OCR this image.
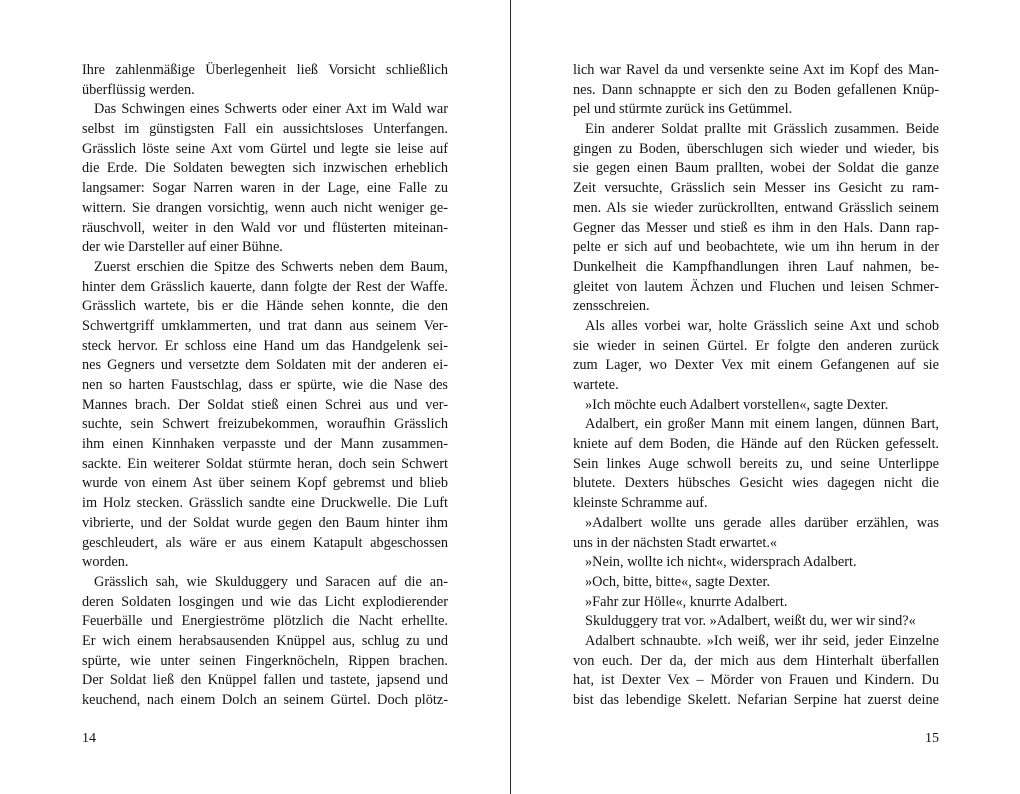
Ihre zahlenmäßige Überlegenheit ließ Vorsicht schließlich
überflüssig werden.
Das Schwingen eines Schwerts oder einer Axt im Wald war
selbst im günstigsten Fall ein aussichtsloses Unterfangen.
Grässlich löste seine Axt vom Gürtel und legte sie leise auf
die Erde. Die Soldaten bewegten sich inzwischen erheblich
langsamer: Sogar Narren waren in der Lage, eine Falle zu
wittern. Sie drangen vorsichtig, wenn auch nicht weniger ge-
räuschvoll, weiter in den Wald vor und flüsterten miteinan-
der wie Darsteller auf einer Bühne.
Zuerst erschien die Spitze des Schwerts neben dem Baum,
hinter dem Grässlich kauerte, dann folgte der Rest der Waffe.
Grässlich wartete, bis er die Hände sehen konnte, die den
Schwertgriff umklammerten, und trat dann aus seinem Ver-
steck hervor. Er schloss eine Hand um das Handgelenk sei-
nes Gegners und versetzte dem Soldaten mit der anderen ei-
nen so harten Faustschlag, dass er spürte, wie die Nase des
Mannes brach. Der Soldat stieß einen Schrei aus und ver-
suchte, sein Schwert freizubekommen, woraufhin Grässlich
ihm einen Kinnhaken verpasste und der Mann zusammen-
sackte. Ein weiterer Soldat stürmte heran, doch sein Schwert
wurde von einem Ast über seinem Kopf gebremst und blieb
im Holz stecken. Grässlich sandte eine Druckwelle. Die Luft
vibrierte, und der Soldat wurde gegen den Baum hinter ihm
geschleudert, als wäre er aus einem Katapult abgeschossen
worden.
Grässlich sah, wie Skulduggery und Saracen auf die an-
deren Soldaten losgingen und wie das Licht explodierender
Feuerbälle und Energieströme plötzlich die Nacht erhellte.
Er wich einem herabsausenden Knüppel aus, schlug zu und
spürte, wie unter seinen Fingerknöcheln, Rippen brachen.
Der Soldat ließ den Knüppel fallen und tastete, japsend und
keuchend, nach einem Dolch an seinem Gürtel. Doch plötz-
14
lich war Ravel da und versenkte seine Axt im Kopf des Man-
nes. Dann schnappte er sich den zu Boden gefallenen Knüp-
pel und stürmte zurück ins Getümmel.
Ein anderer Soldat prallte mit Grässlich zusammen. Beide
gingen zu Boden, überschlugen sich wieder und wieder, bis
sie gegen einen Baum prallten, wobei der Soldat die ganze
Zeit versuchte, Grässlich sein Messer ins Gesicht zu ram-
men. Als sie wieder zurückrollten, entwand Grässlich seinem
Gegner das Messer und stieß es ihm in den Hals. Dann rap-
pelte er sich auf und beobachtete, wie um ihn herum in der
Dunkelheit die Kampfhandlungen ihren Lauf nahmen, be-
gleitet von lautem Ächzen und Fluchen und leisen Schmer-
zensschreien.
Als alles vorbei war, holte Grässlich seine Axt und schob
sie wieder in seinen Gürtel. Er folgte den anderen zurück
zum Lager, wo Dexter Vex mit einem Gefangenen auf sie
wartete.
»Ich möchte euch Adalbert vorstellen«, sagte Dexter.
Adalbert, ein großer Mann mit einem langen, dünnen Bart,
kniete auf dem Boden, die Hände auf den Rücken gefesselt.
Sein linkes Auge schwoll bereits zu, und seine Unterlippe
blutete. Dexters hübsches Gesicht wies dagegen nicht die
kleinste Schramme auf.
»Adalbert wollte uns gerade alles darüber erzählen, was
uns in der nächsten Stadt erwartet.«
»Nein, wollte ich nicht«, widersprach Adalbert.
»Och, bitte, bitte«, sagte Dexter.
»Fahr zur Hölle«, knurrte Adalbert.
Skulduggery trat vor. »Adalbert, weißt du, wer wir sind?«
Adalbert schnaubte. »Ich weiß, wer ihr seid, jeder Einzelne
von euch. Der da, der mich aus dem Hinterhalt überfallen
hat, ist Dexter Vex – Mörder von Frauen und Kindern. Du
bist das lebendige Skelett. Nefarian Serpine hat zuerst deine
15
